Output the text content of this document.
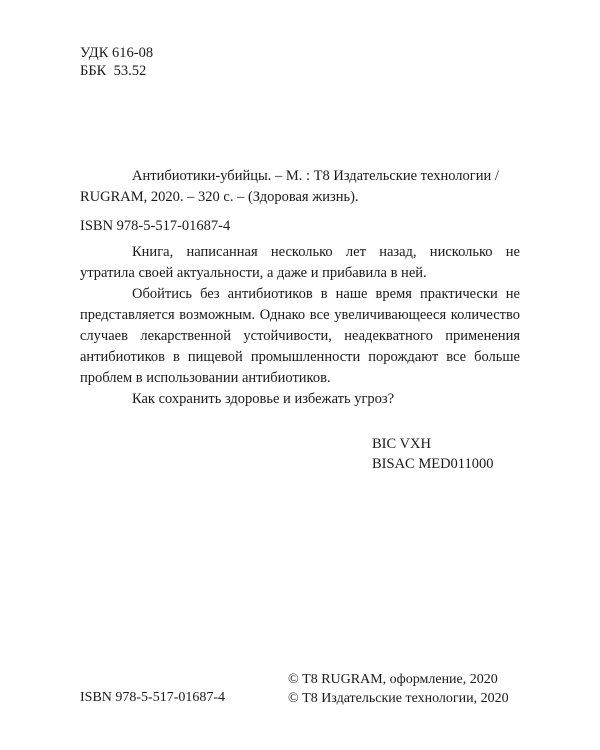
УДК 616-08
ББК  53.52
Антибиотики-убийцы. – М. : Т8 Издательские технологии /
RUGRAM, 2020. – 320 с. – (Здоровая жизнь).
ISBN 978-5-517-01687-4

Книга, написанная несколько лет назад, нисколько не утратила своей актуальности, а даже и прибавила в ней.

Обойтись без антибиотиков в наше время практически не представляется возможным. Однако все увеличивающееся количество случаев лекарственной устойчивости, неадекватного применения антибиотиков в пищевой промышленности порождают все больше проблем в использовании антибиотиков.

Как сохранить здоровье и избежать угроз?

BIC VXH
BISAC MED011000
ISBN 978-5-517-01687-4
© Т8 RUGRAM, оформление, 2020
© Т8 Издательские технологии, 2020
